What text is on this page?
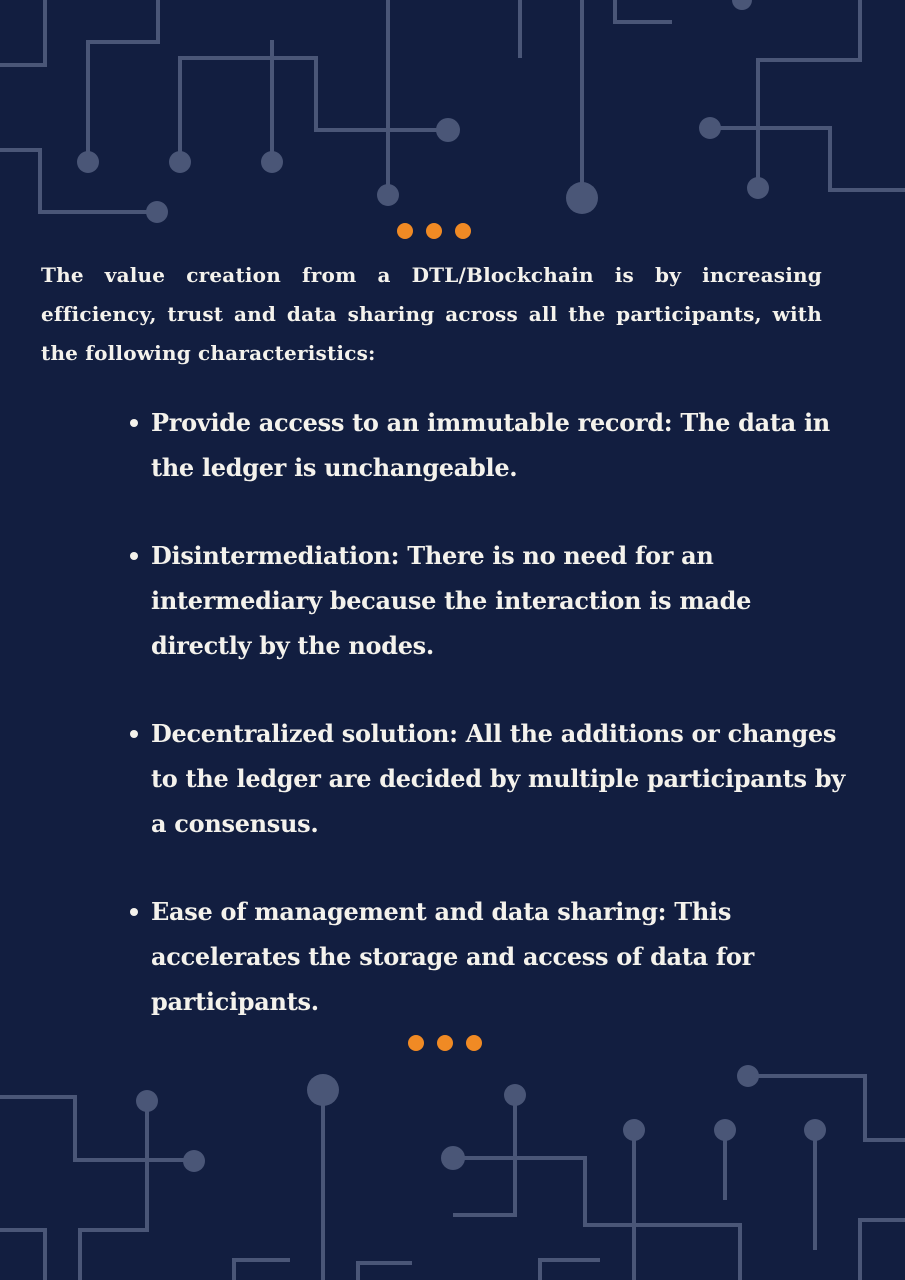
The value creation from a DTL/Blockchain is by increasing efficiency, trust and data sharing across all the participants, with the following characteristics:

Provide access to an immutable record: The data in the ledger is unchangeable.
Disintermediation: There is no need for an intermediary because the interaction is made directly by the nodes.
Decentralized solution: All the additions or changes to the ledger are decided by multiple participants by a consensus.
Ease of management and data sharing: This accelerates the storage and access of data for participants.
